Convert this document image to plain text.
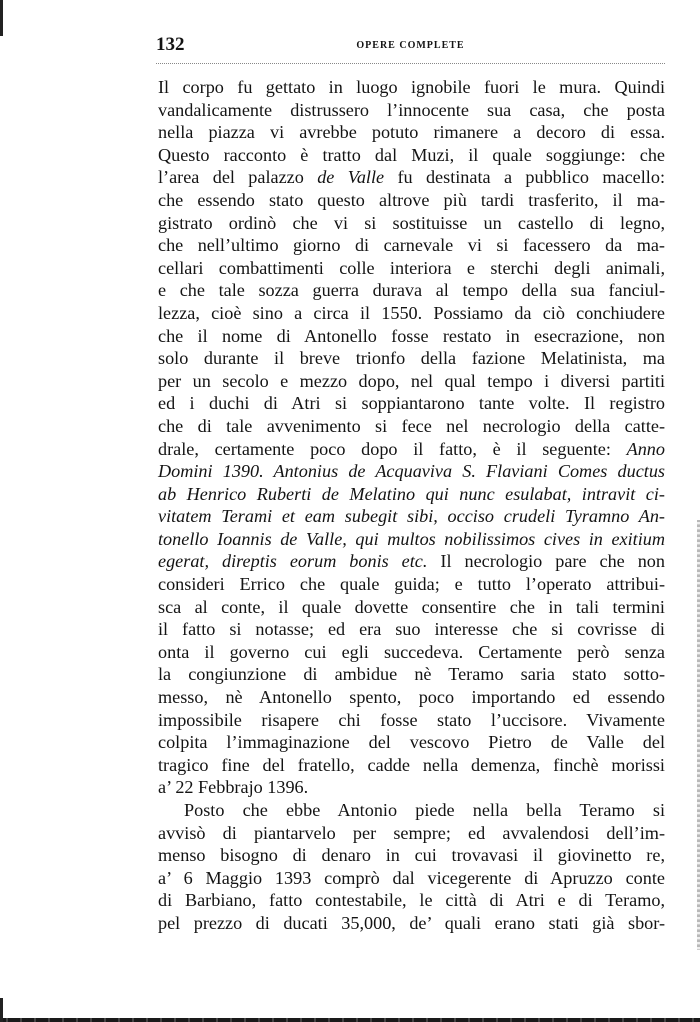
132	OPERE COMPLETE
Il corpo fu gettato in luogo ignobile fuori le mura. Quindi
vandalicamente distrussero l’innocente sua casa, che posta
nella piazza vi avrebbe potuto rimanere a decoro di essa.
Questo racconto è tratto dal Muzi, il quale soggiunge: che
l’area del palazzo de Valle fu destinata a pubblico macello:
che essendo stato questo altrove più tardi trasferito, il ma-
gistrato ordinò che vi si sostituisse un castello di legno,
che nell’ultimo giorno di carnevale vi si facessero da ma-
cellari combattimenti colle interiora e sterchi degli animali,
e che tale sozza guerra durava al tempo della sua fanciul-
lezza, cioè sino a circa il 1550. Possiamo da ciò conchiudere
che il nome di Antonello fosse restato in esecrazione, non
solo durante il breve trionfo della fazione Melatinista, ma
per un secolo e mezzo dopo, nel qual tempo i diversi partiti
ed i duchi di Atri si soppiantarono tante volte. Il registro
che di tale avvenimento si fece nel necrologio della catte-
drale, certamente poco dopo il fatto, è il seguente: Anno
Domini 1390. Antonius de Acquaviva S. Flaviani Comes ductus
ab Henrico Ruberti de Melatino qui nunc esulabat, intravit ci-
vitatem Terami et eam subegit sibi, occiso crudeli Tyramno An-
tonello Ioannis de Valle, qui multos nobilissimos cives in exitium
egerat, direptis eorum bonis etc. Il necrologio pare che non
consideri Errico che quale guida; e tutto l’operato attribui-
sca al conte, il quale dovette consentire che in tali termini
il fatto si notasse; ed era suo interesse che si covrisse di
onta il governo cui egli succedeva. Certamente però senza
la congiunzione di ambidue nè Teramo saria stato sotto-
messo, nè Antonello spento, poco importando ed essendo
impossibile risapere chi fosse stato l’uccisore. Vivamente
colpita l’immaginazione del vescovo Pietro de Valle del
tragico fine del fratello, cadde nella demenza, finchè morissi
a’ 22 Febbrajo 1396.
Posto che ebbe Antonio piede nella bella Teramo si
avvisò di piantarvelo per sempre; ed avvalendosi dell’im-
menso bisogno di denaro in cui trovavasi il giovinetto re,
a’ 6 Maggio 1393 comprò dal vicegerente di Apruzzo conte
di Barbiano, fatto contestabile, le città di Atri e di Teramo,
pel prezzo di ducati 35,000, de’ quali erano stati già sbor-
